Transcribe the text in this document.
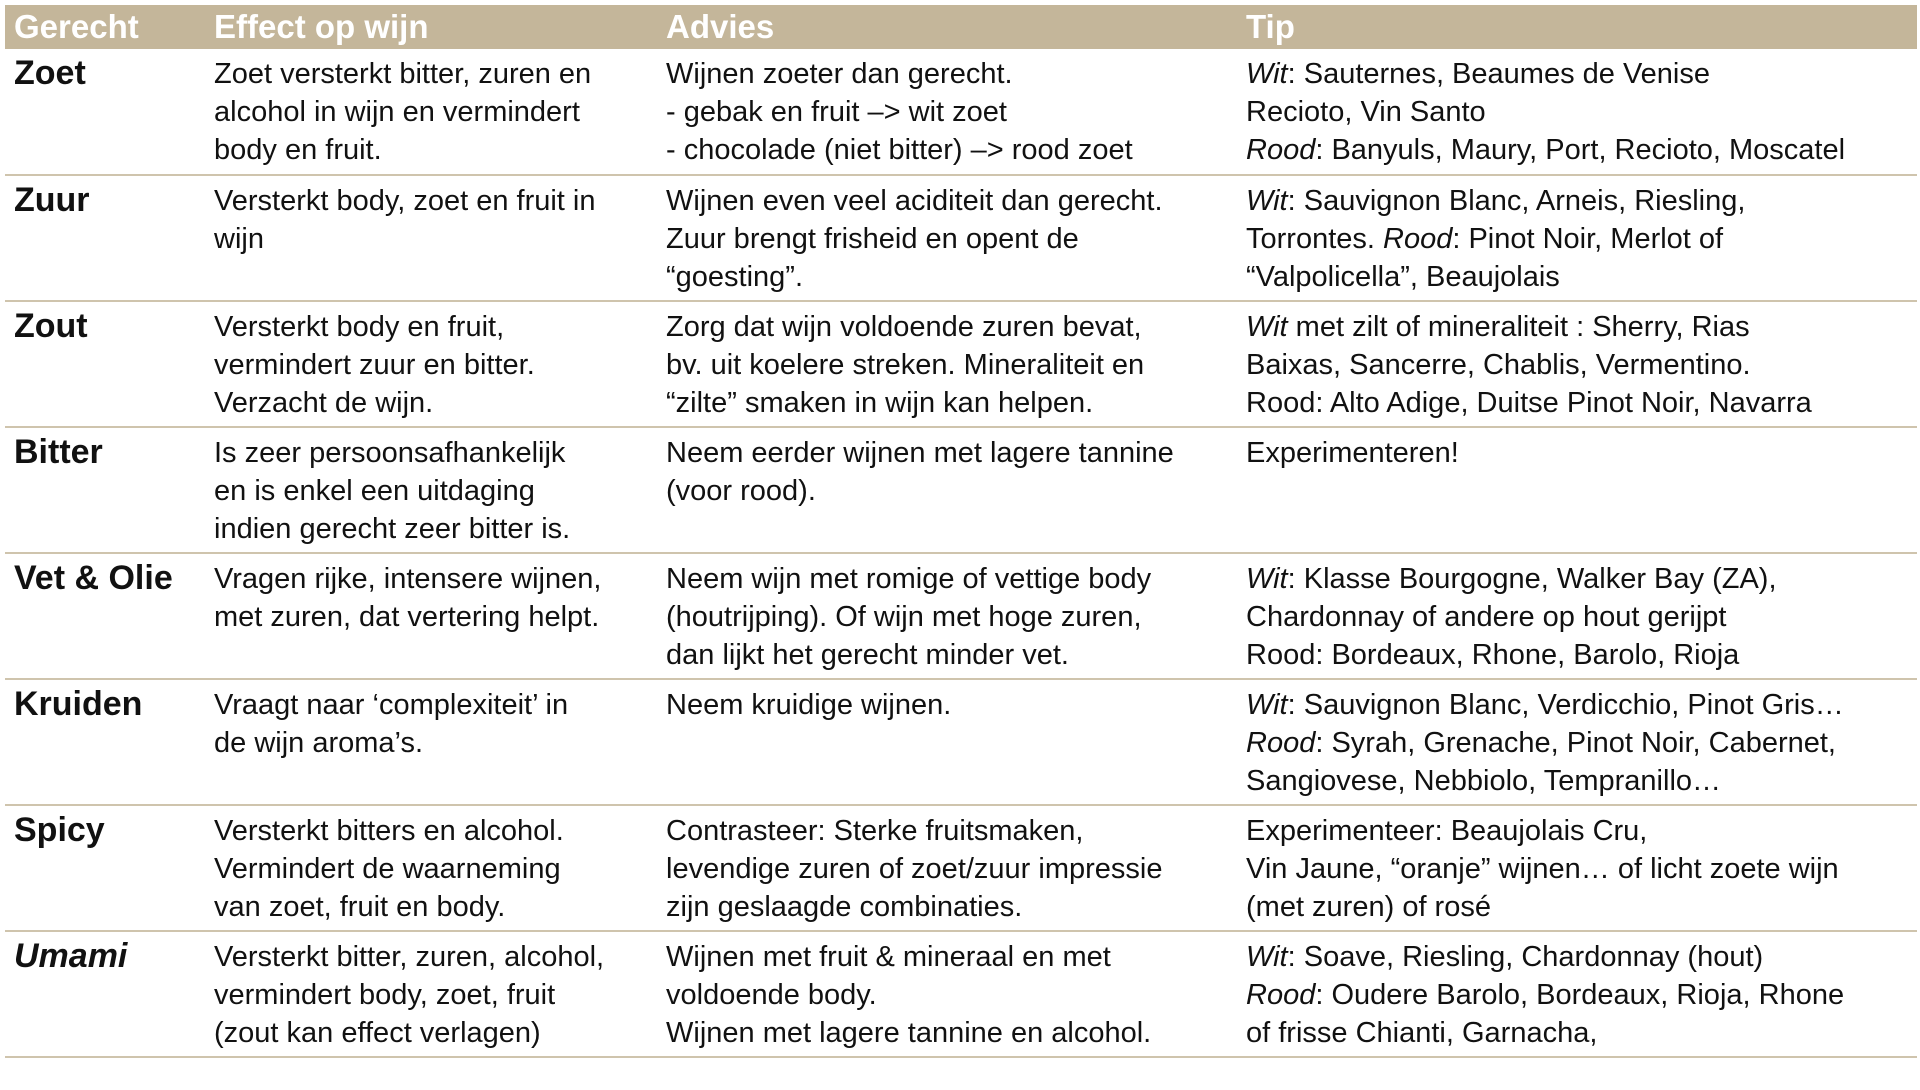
Gerecht	Effect op wijn	Advies	Tip
Zoet	Zoet versterkt bitter, zuren en
alcohol in wijn en vermindert
body en fruit.	Wijnen zoeter dan gerecht.
- gebak en fruit –> wit zoet
- chocolade (niet bitter) –> rood zoet	Wit: Sauternes, Beaumes de Venise
Recioto, Vin Santo
Rood: Banyuls, Maury, Port, Recioto, Moscatel

Zuur	Versterkt body, zoet en fruit in
wijn	Wijnen even veel aciditeit dan gerecht.
Zuur brengt frisheid en opent de
“goesting”.	Wit: Sauvignon Blanc, Arneis, Riesling,
Torrontes. Rood: Pinot Noir, Merlot of
“Valpolicella”, Beaujolais

Zout	Versterkt body en fruit,
vermindert zuur en bitter.
Verzacht de wijn.	Zorg dat wijn voldoende zuren bevat,
bv. uit koelere streken. Mineraliteit en
“zilte” smaken in wijn kan helpen.	Wit met zilt of mineraliteit : Sherry, Rias
Baixas, Sancerre, Chablis, Vermentino.
Rood: Alto Adige, Duitse Pinot Noir, Navarra

Bitter	Is zeer persoonsafhankelijk
en is enkel een uitdaging
indien gerecht zeer bitter is.	Neem eerder wijnen met lagere tannine
(voor rood).	Experimenteren!

Vet & Olie	Vragen rijke, intensere wijnen,
met zuren, dat vertering helpt.	Neem wijn met romige of vettige body
(houtrijping). Of wijn met hoge zuren,
dan lijkt het gerecht minder vet.	Wit: Klasse Bourgogne, Walker Bay (ZA),
Chardonnay of andere op hout gerijpt
Rood: Bordeaux, Rhone, Barolo, Rioja

Kruiden	Vraagt naar ‘complexiteit’ in
de wijn aroma’s.	Neem kruidige wijnen.	Wit: Sauvignon Blanc, Verdicchio, Pinot Gris…
Rood: Syrah, Grenache, Pinot Noir, Cabernet,
Sangiovese, Nebbiolo, Tempranillo…

Spicy	Versterkt bitters en alcohol.
Vermindert de waarneming
van zoet, fruit en body.	Contrasteer: Sterke fruitsmaken,
levendige zuren of zoet/zuur impressie
zijn geslaagde combinaties.	Experimenteer: Beaujolais Cru,
Vin Jaune, “oranje” wijnen… of licht zoete wijn
(met zuren) of rosé

Umami	Versterkt bitter, zuren, alcohol,
vermindert body, zoet, fruit
(zout kan effect verlagen)	Wijnen met fruit & mineraal en met
voldoende body.
Wijnen met lagere tannine en alcohol.	Wit: Soave, Riesling, Chardonnay (hout)
Rood: Oudere Barolo, Bordeaux, Rioja, Rhone
of frisse Chianti, Garnacha,
